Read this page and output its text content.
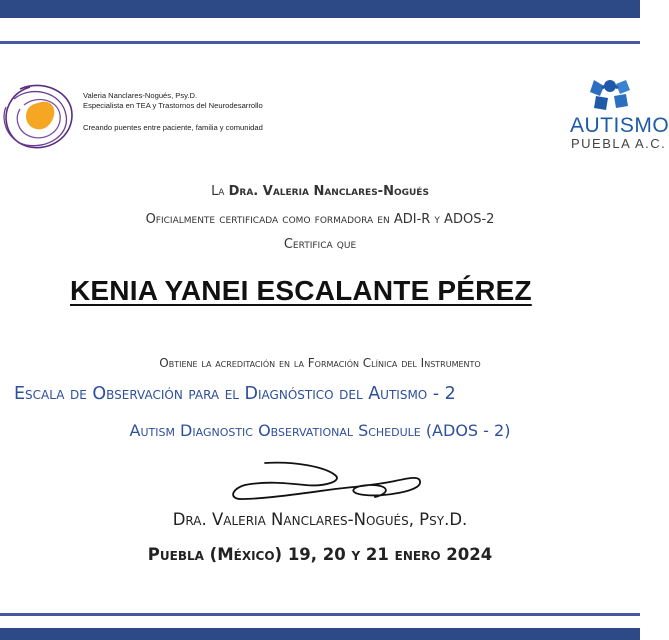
Valeria Nanclares-Nogués, Psy.D.
Especialista en TEA y Trastornos del Neurodesarrollo
Creando puentes entre paciente, familia y comunidad	AUTISMO
PUEBLA A.C.
La Dra. Valeria Nanclares-Nogués
Oficialmente certificada como formadora en ADI-R y ADOS-2
Certifica que
KENIA YANEI ESCALANTE PÉREZ
Obtiene la acreditación en la Formación Clínica del Instrumento
Escala de Observación para el Diagnóstico del Autismo - 2
Autism Diagnostic Observational Schedule (ADOS - 2)
Dra. Valeria Nanclares-Nogués, Psy.D.
Puebla (México) 19, 20 y 21 enero 2024
